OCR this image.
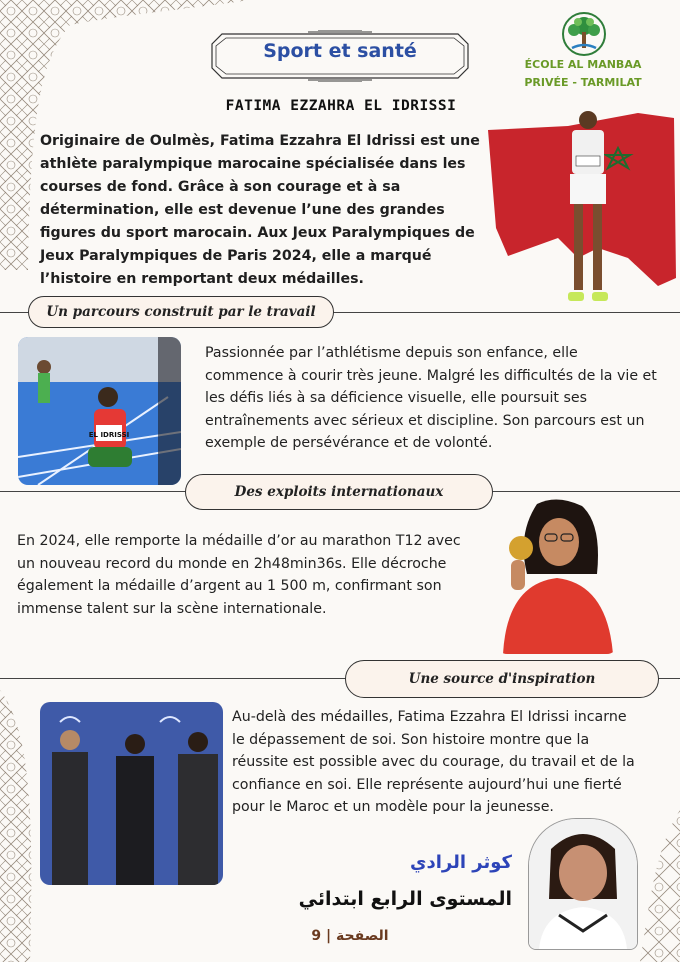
Sport et santé
ÉCOLE AL MANBAA
PRIVÉE - TARMILAT
FATIMA EZZAHRA EL IDRISSI
Originaire de Oulmès, Fatima Ezzahra El Idrissi est une athlète paralympique marocaine spécialisée dans les courses de fond. Grâce à son courage et à sa détermination, elle est devenue l’une des grandes figures du sport marocain. Aux Jeux Paralympiques de Jeux Paralympiques de Paris 2024, elle a marqué l’histoire en remportant deux médailles.
Un parcours construit par le travail
EL IDRISSI
Passionnée par l’athlétisme depuis son enfance, elle commence à courir très jeune. Malgré les difficultés de la vie et les défis liés à sa déficience visuelle, elle poursuit ses entraînements avec sérieux et discipline. Son parcours est un exemple de persévérance et de volonté.
Des exploits internationaux
En 2024, elle remporte la médaille d’or au marathon T12 avec un nouveau record du monde en 2h48min36s. Elle décroche également la médaille d’argent au 1 500 m, confirmant son immense talent sur la scène internationale.
Une source d'inspiration
Au-delà des médailles, Fatima Ezzahra El Idrissi incarne le dépassement de soi. Son histoire montre que la réussite est possible avec du courage, du travail et de la confiance en soi. Elle représente aujourd’hui une fierté pour le Maroc et un modèle pour la jeunesse.
كوثر الرادي
المستوى الرابع ابتدائي
9 | الصفحة
